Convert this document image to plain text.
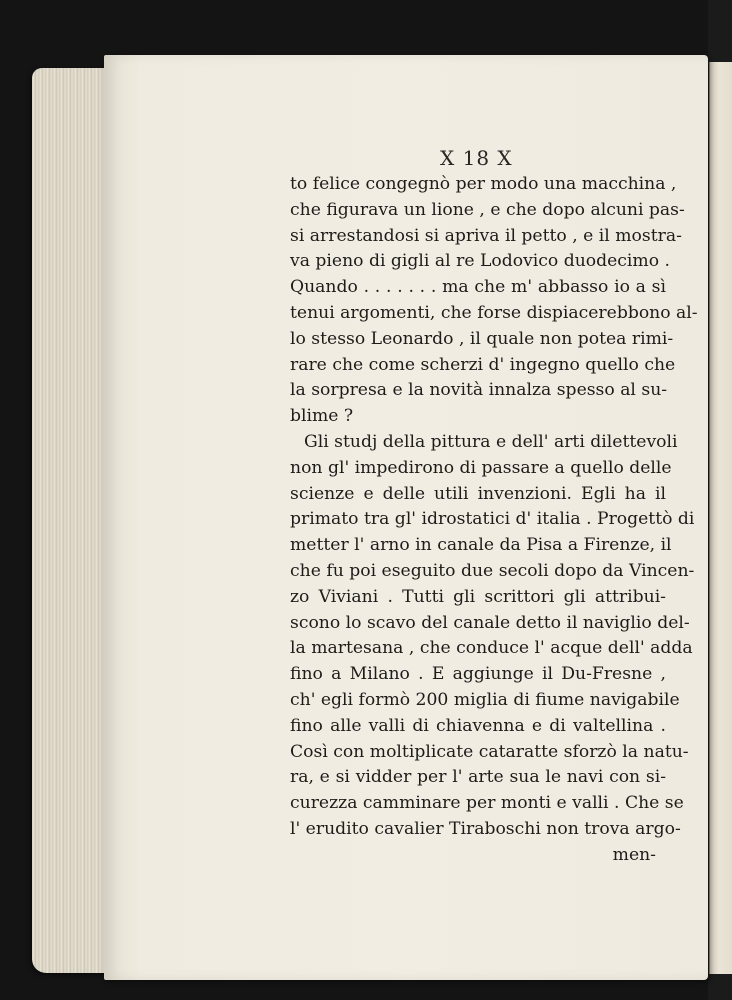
X 18 X
to felice congegnò per modo una macchina ,
che figurava un lione , e che dopo alcuni pas-
si arrestandosi si apriva il petto , e il mostra-
va pieno di gigli al re Lodovico duodecimo .
Quando . . . . . . . ma che m' abbasso io a sì
tenui argomenti, che forse dispiacerebbono al-
lo stesso Leonardo , il quale non potea rimi-
rare che come scherzi d' ingegno quello che
la sorpresa e la novità innalza spesso al su-
blime ?
Gli studj della pittura e dell' arti dilettevoli
non gl' impedirono di passare a quello delle
scienze e delle utili invenzioni. Egli ha il
primato tra gl' idrostatici d' italia . Progettò di
metter l' arno in canale da Pisa a Firenze, il
che fu poi eseguito due secoli dopo da Vincen-
zo Viviani . Tutti gli scrittori gli attribui-
scono lo scavo del canale detto il naviglio del-
la martesana , che conduce l' acque dell' adda
fino a Milano . E aggiunge il Du-Fresne ,
ch' egli formò 200 miglia di fiume navigabile
fino alle valli di chiavenna e di valtellina .
Così con moltiplicate cataratte sforzò la natu-
ra, e si vidder per l' arte sua le navi con si-
curezza camminare per monti e valli . Che se
l' erudito cavalier Tiraboschi non trova argo-
men-
